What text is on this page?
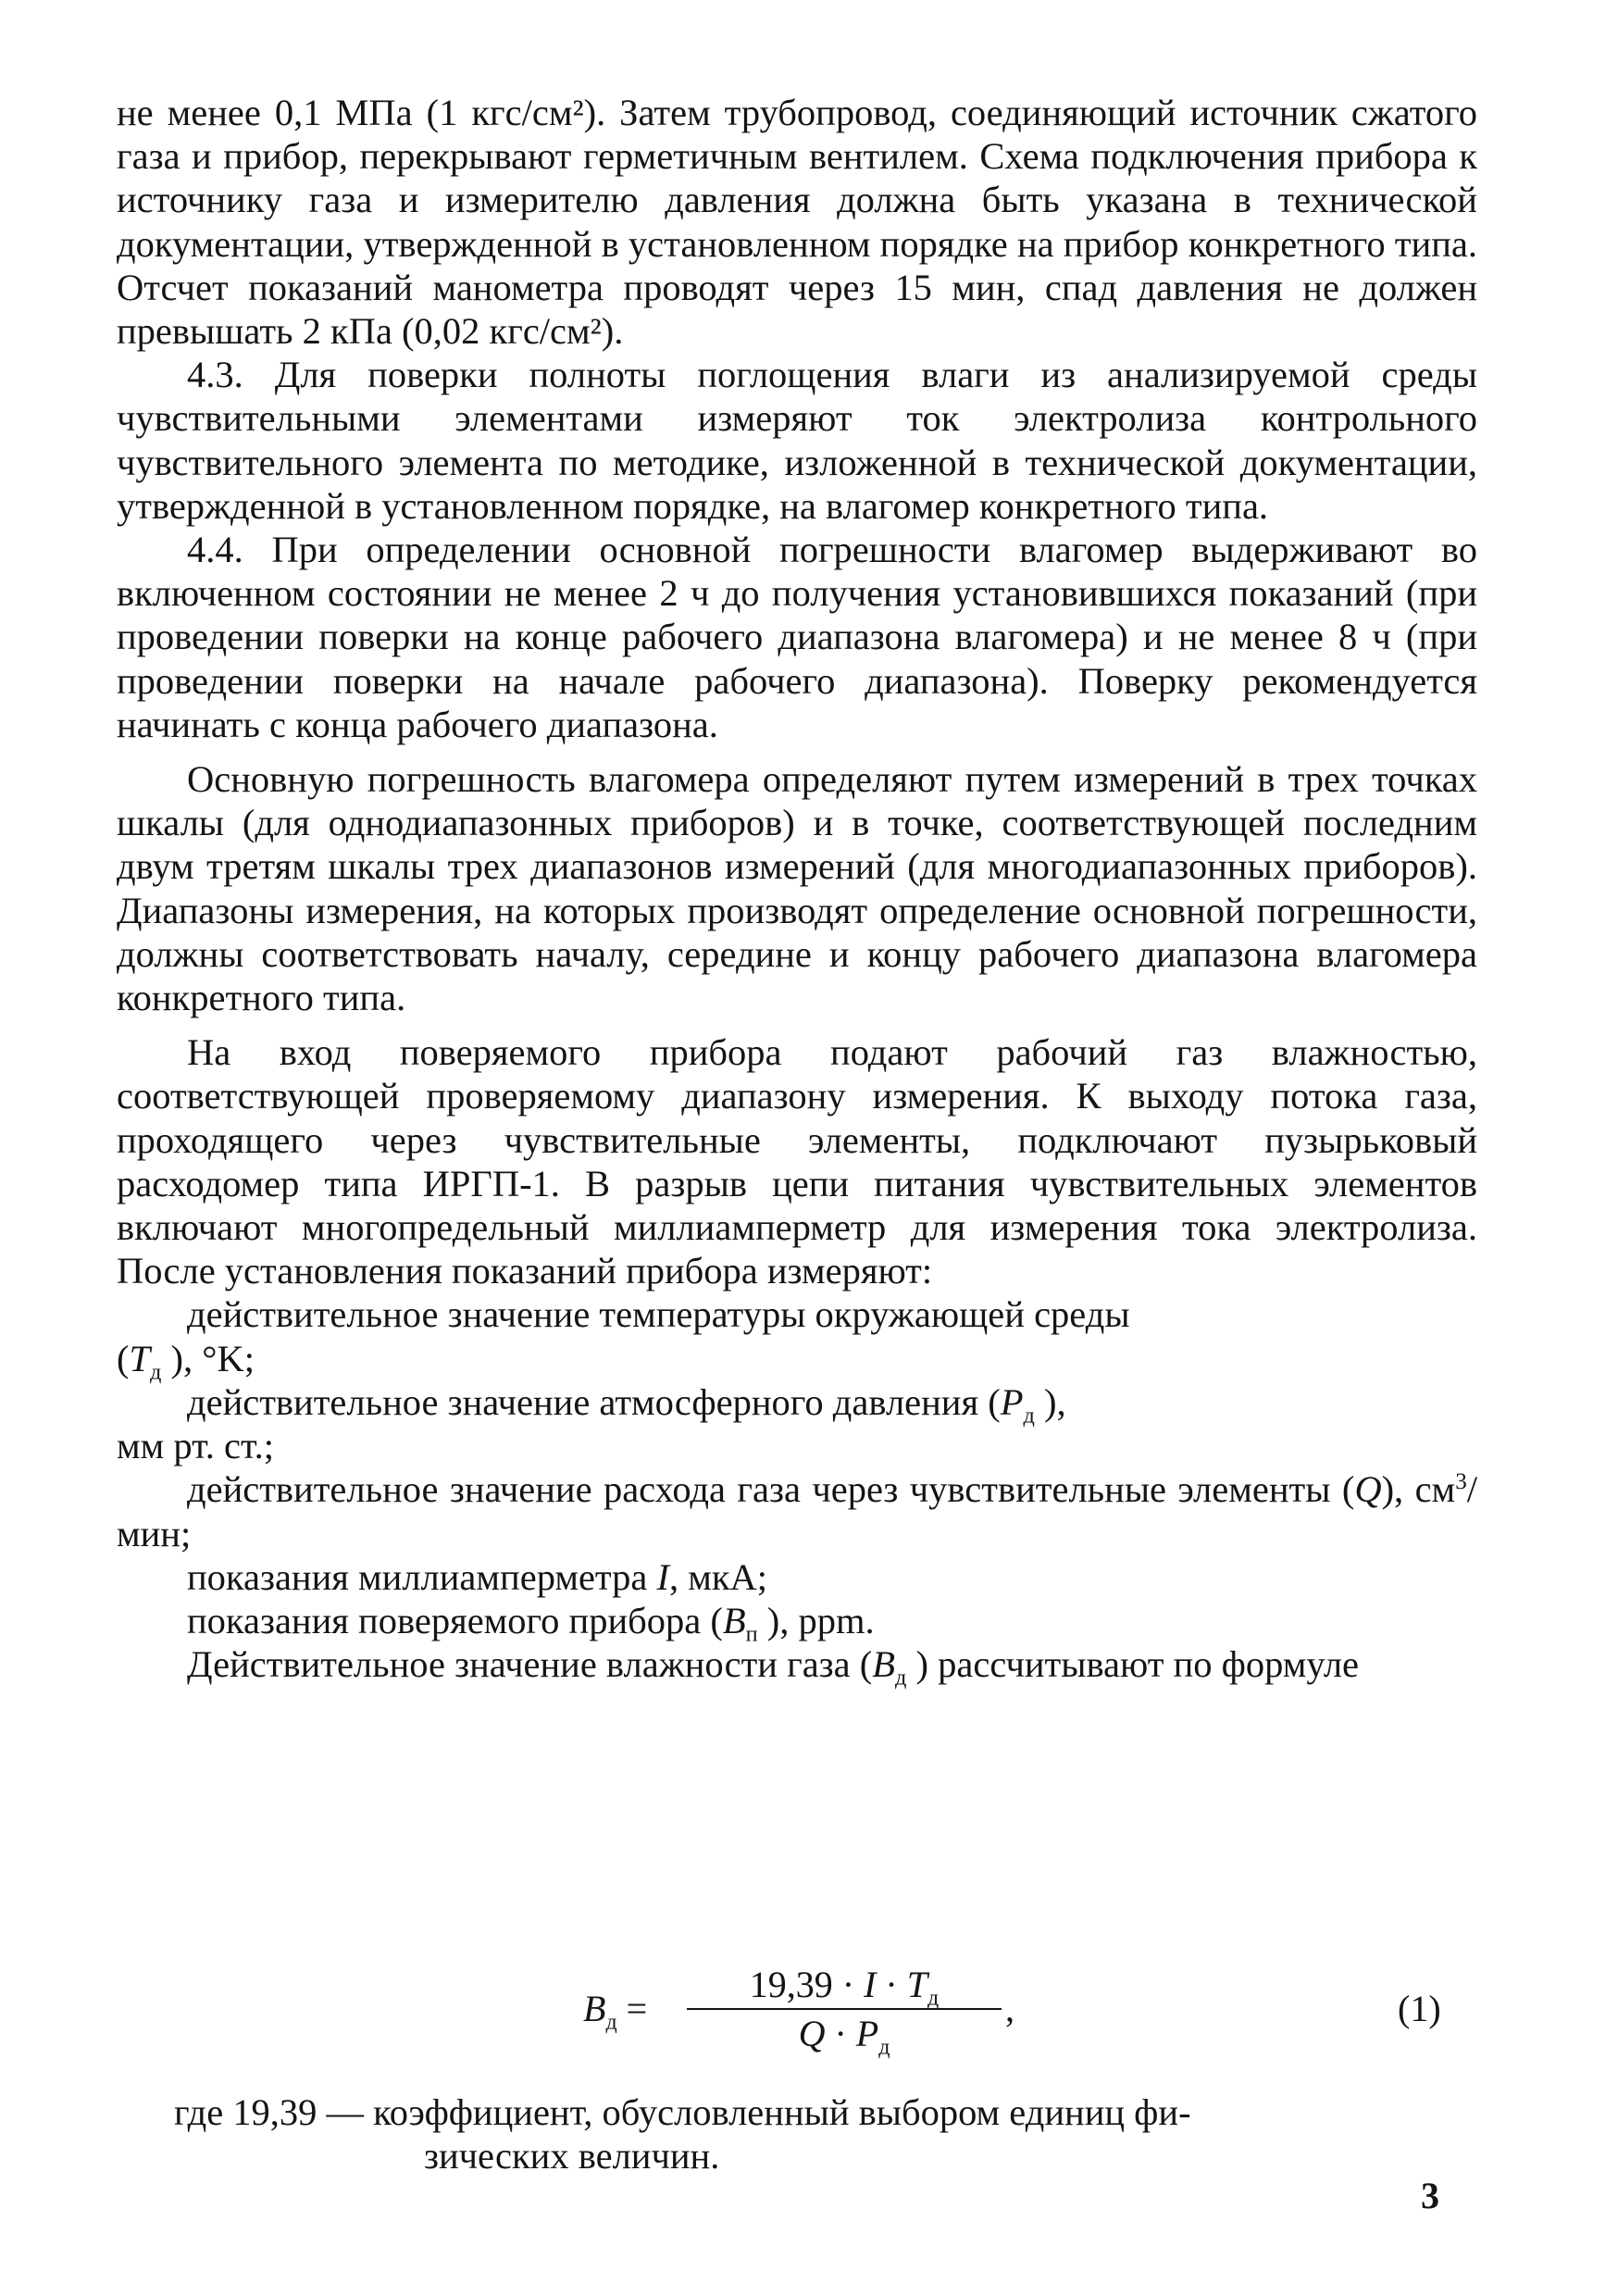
не менее 0,1 МПа (1 кгс/см²). Затем трубопровод, соединяющий источник сжатого газа и прибор, перекрывают герметичным вентилем. Схема подключения прибора к источнику газа и измерителю давления должна быть указана в технической документации, утвержденной в установленном порядке на прибор конкретного типа. Отсчет показаний манометра проводят через 15 мин, спад давления не должен превышать 2 кПа (0,02 кгс/см²).

4.3. Для поверки полноты поглощения влаги из анализируемой среды чувствительными элементами измеряют ток электролиза контрольного чувствительного элемента по методике, изложенной в технической документации, утвержденной в установленном порядке, на влагомер конкретного типа.

4.4. При определении основной погрешности влагомер выдерживают во включенном состоянии не менее 2 ч до получения установившихся показаний (при проведении поверки на конце рабочего диапазона влагомера) и не менее 8 ч (при проведении поверки на начале рабочего диапазона). Поверку рекомендуется начинать с конца рабочего диапазона.

Основную погрешность влагомера определяют путем измерений в трех точках шкалы (для однодиапазонных приборов) и в точке, соответствующей последним двум третям шкалы трех диапазонов измерений (для многодиапазонных приборов). Диапазоны измерения, на которых производят определение основной погрешности, должны соответствовать началу, середине и концу рабочего диапазона влагомера конкретного типа.

На вход поверяемого прибора подают рабочий газ влажностью, соответствующей проверяемому диапазону измерения. К выходу потока газа, проходящего через чувствительные элементы, подключают пузырьковый расходомер типа ИРГП-1. В разрыв цепи питания чувствительных элементов включают многопредельный миллиамперметр для измерения тока электролиза. После установления показаний прибора измеряют:

действительное значение температуры окружающей среды
($T_д$ ), °K;

действительное значение атмосферного давления ($P_д$ ),
мм рт. ст.;

действительное значение расхода газа через чувствительные элементы (Q), $см^3$/мин;

показания миллиамперметра I, мкА;

показания поверяемого прибора ($B_п$ ), ppm.

Действительное значение влажности газа ($B_д$ ) рассчитывают по формуле

$B_д$ =
$19,39 \cdot I \cdot T_д$
$Q \cdot P_д$
,	(1)
где 19,39 — коэффициент, обусловленный выбором единиц фи-
зических величин.
3
